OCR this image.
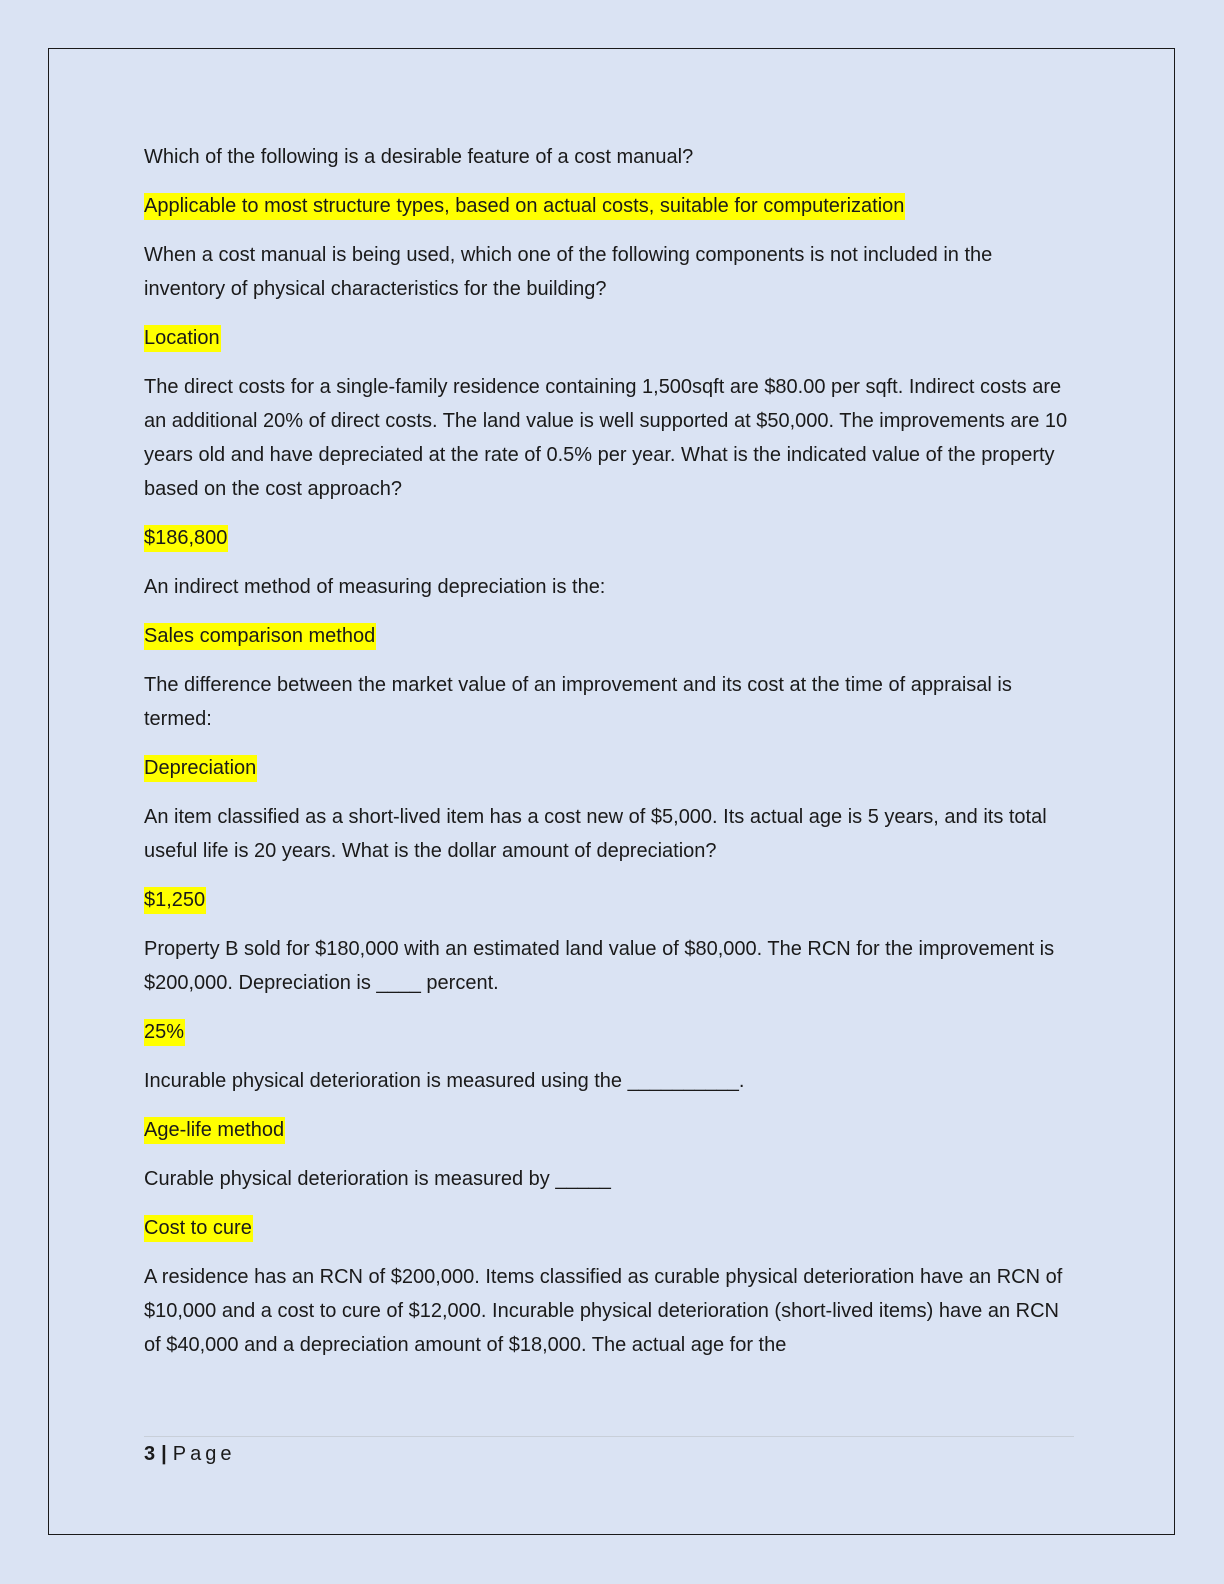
Which of the following is a desirable feature of a cost manual?

Applicable to most structure types, based on actual costs, suitable for computerization

When a cost manual is being used, which one of the following components is not included in the inventory of physical characteristics for the building?

Location

The direct costs for a single-family residence containing 1,500sqft are $80.00 per sqft. Indirect costs are an additional 20% of direct costs. The land value is well supported at $50,000. The improvements are 10 years old and have depreciated at the rate of 0.5% per year. What is the indicated value of the property based on the cost approach?

$186,800

An indirect method of measuring depreciation is the:

Sales comparison method

The difference between the market value of an improvement and its cost at the time of appraisal is termed:

Depreciation

An item classified as a short-lived item has a cost new of $5,000. Its actual age is 5 years, and its total useful life is 20 years. What is the dollar amount of depreciation?

$1,250

Property B sold for $180,000 with an estimated land value of $80,000. The RCN for the improvement is $200,000. Depreciation is ____ percent.

25%

Incurable physical deterioration is measured using the __________.

Age-life method

Curable physical deterioration is measured by _____

Cost to cure

A residence has an RCN of $200,000. Items classified as curable physical deterioration have an RCN of $10,000 and a cost to cure of $12,000. Incurable physical deterioration (short-lived items) have an RCN of $40,000 and a depreciation amount of $18,000. The actual age for the

3 | Page
